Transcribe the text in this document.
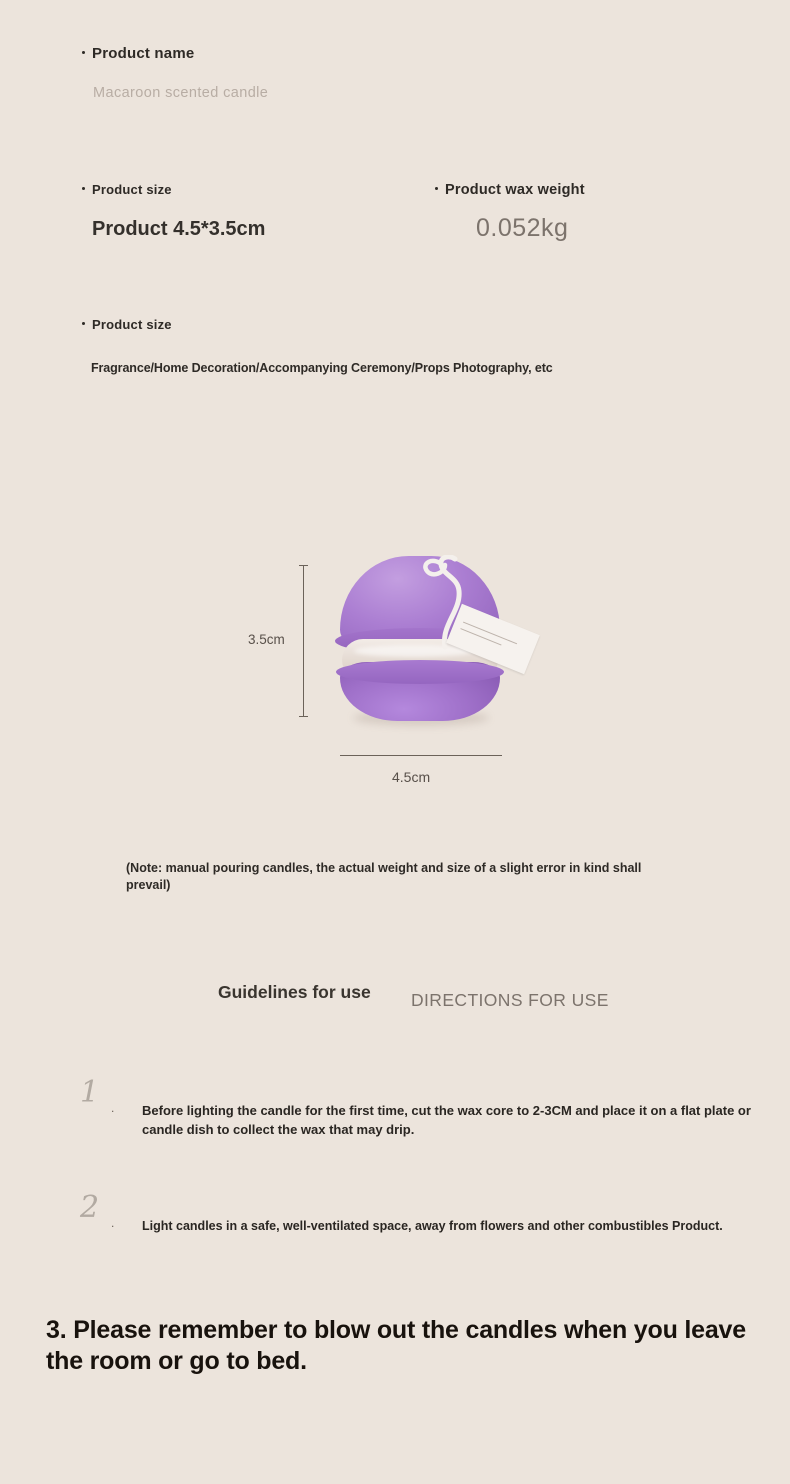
Product name
Macaroon scented candle
Product size
Product 4.5*3.5cm
Product wax weight
0.052kg
Product size
Fragrance/Home Decoration/Accompanying Ceremony/Props Photography, etc
3.5cm
4.5cm
(Note: manual pouring candles, the actual weight and size of a slight error in kind shall prevail)
Guidelines for use DIRECTIONS FOR USE
1 . Before lighting the candle for the first time, cut the wax core to 2-3CM and place it on a flat plate or candle dish to collect the wax that may drip.
2 . Light candles in a safe, well-ventilated space, away from flowers and other combustibles Product.
3. Please remember to blow out the candles when you leave the room or go to bed.
